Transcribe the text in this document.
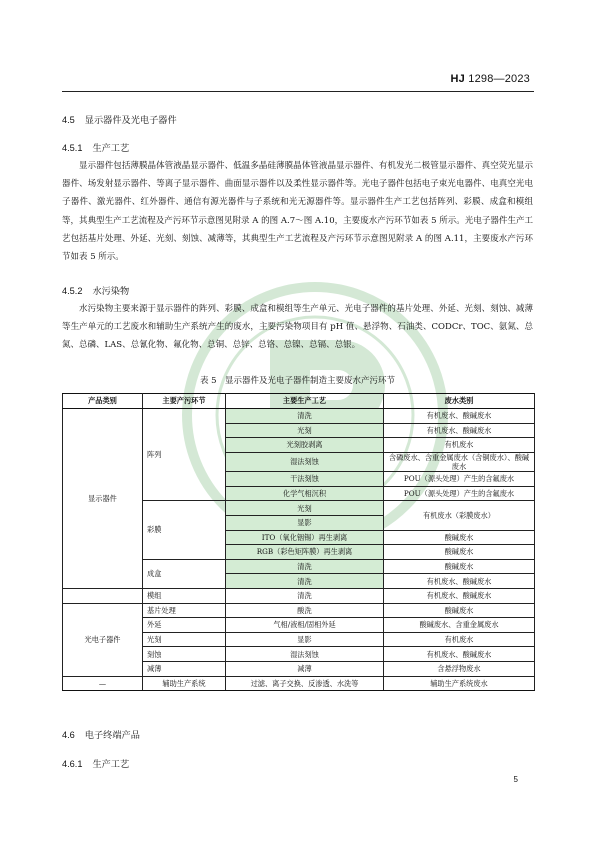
HJ 1298—2023
4.5 显示器件及光电子器件
4.5.1 生产工艺

显示器件包括薄膜晶体管液晶显示器件、低温多晶硅薄膜晶体管液晶显示器件、有机发光二极管显示器件、真空荧光显示器件、场发射显示器件、等离子显示器件、曲面显示器件以及柔性显示器件等。光电子器件包括电子束光电器件、电真空光电子器件、激光器件、红外器件、通信有源光器件与子系统和光无源器件等。显示器件生产工艺包括阵列、彩膜、成盒和模组等，其典型生产工艺流程及产污环节示意图见附录 A 的图 A.7～图 A.10，主要废水产污环节如表 5 所示。光电子器件生产工艺包括基片处理、外延、光刻、刻蚀、减薄等，其典型生产工艺流程及产污环节示意图见附录 A 的图 A.11，主要废水产污环节如表 5 所示。

4.5.2 水污染物

水污染物主要来源于显示器件的阵列、彩膜、成盒和模组等生产单元、光电子器件的基片处理、外延、光刻、刻蚀、减薄等生产单元的工艺废水和辅助生产系统产生的废水，主要污染物项目有 pH 值、悬浮物、石油类、CODCr、TOC、氨氮、总氮、总磷、LAS、总氰化物、氟化物、总铜、总锌、总铬、总镍、总镉、总银。

表 5　显示器件及光电子器件制造主要废水产污环节
产品类别	主要产污环节	主要生产工艺	废水类别
显示器件	阵列	清洗	有机废水、酸碱废水
		光刻	有机废水、酸碱废水
		光刻胶剥离	有机废水
		湿法刻蚀	含磷废水、含重金属废水（含铜废水）、酸碱废水

		干法刻蚀	POU（源头处理）产生的含氟废水
		化学气相沉积	POU（源头处理）产生的含氟废水
	彩膜	光刻	有机废水（彩膜废水）
		显影	
		ITO（氧化铟锡）再生剥离	酸碱废水
		RGB（彩色矩阵膜）再生剥离	酸碱废水
	成盒	清洗	酸碱废水
		清洗	有机废水、酸碱废水
	模组	清洗	有机废水、酸碱废水
光电子器件	基片处理	酸洗	酸碱废水
	外延	气相/液相/固相外延	酸碱废水、含重金属废水
	光刻	显影	有机废水
	刻蚀	湿法刻蚀	有机废水、酸碱废水
	减薄	减薄	含悬浮物废水
—	辅助生产系统	过滤、离子交换、反渗透、水洗等	辅助生产系统废水
4.6 电子终端产品
4.6.1 生产工艺
5
